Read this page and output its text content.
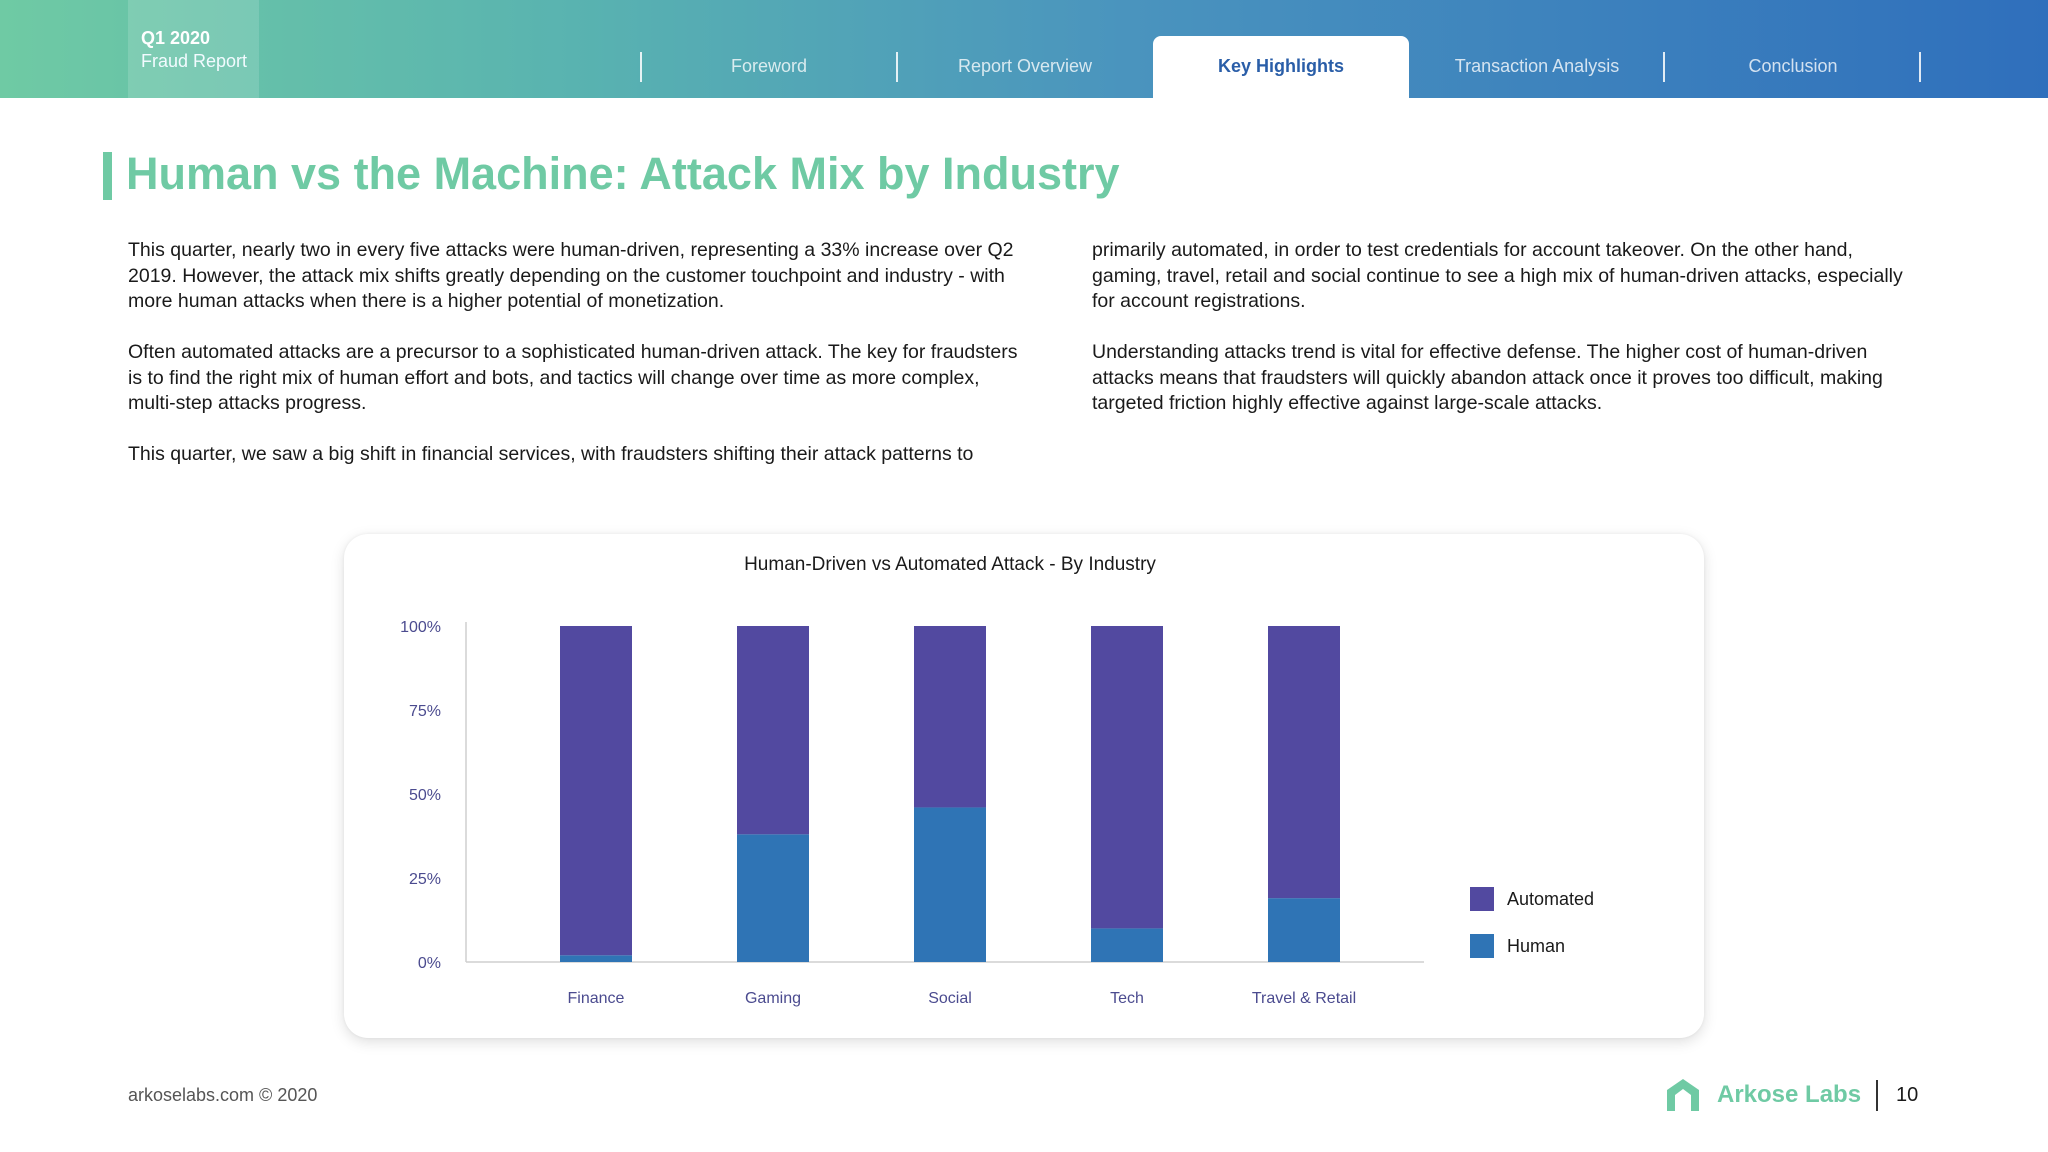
Q1 2020
Fraud Report	Foreword	Report Overview	Key Highlights	Transaction Analysis	Conclusion
Human vs the Machine: Attack Mix by Industry

This quarter, nearly two in every five attacks were human-driven, representing a 33% increase over Q2 2019. However, the attack mix shifts greatly depending on the customer touchpoint and industry - with more human attacks when there is a higher potential of monetization.

Often automated attacks are a precursor to a sophisticated human-driven attack. The key for fraudsters is to find the right mix of human effort and bots, and tactics will change over time as more complex, multi-step attacks progress.

This quarter, we saw a big shift in financial services, with fraudsters shifting their attack patterns to

primarily automated, in order to test credentials for account takeover. On the other hand, gaming, travel, retail and social continue to see a high mix of human-driven attacks, especially for account registrations.

Understanding attacks trend is vital for effective defense. The higher cost of human-driven attacks means that fraudsters will quickly abandon attack once it proves too difficult, making targeted friction highly effective against large-scale attacks.

Human-Driven vs Automated Attack - By Industry
0%
25%
50%
75%
100%
Finance	Gaming	Social	Tech	Travel & Retail
Automated
Human
arkoselabs.com © 2020	Arkose Labs 10
